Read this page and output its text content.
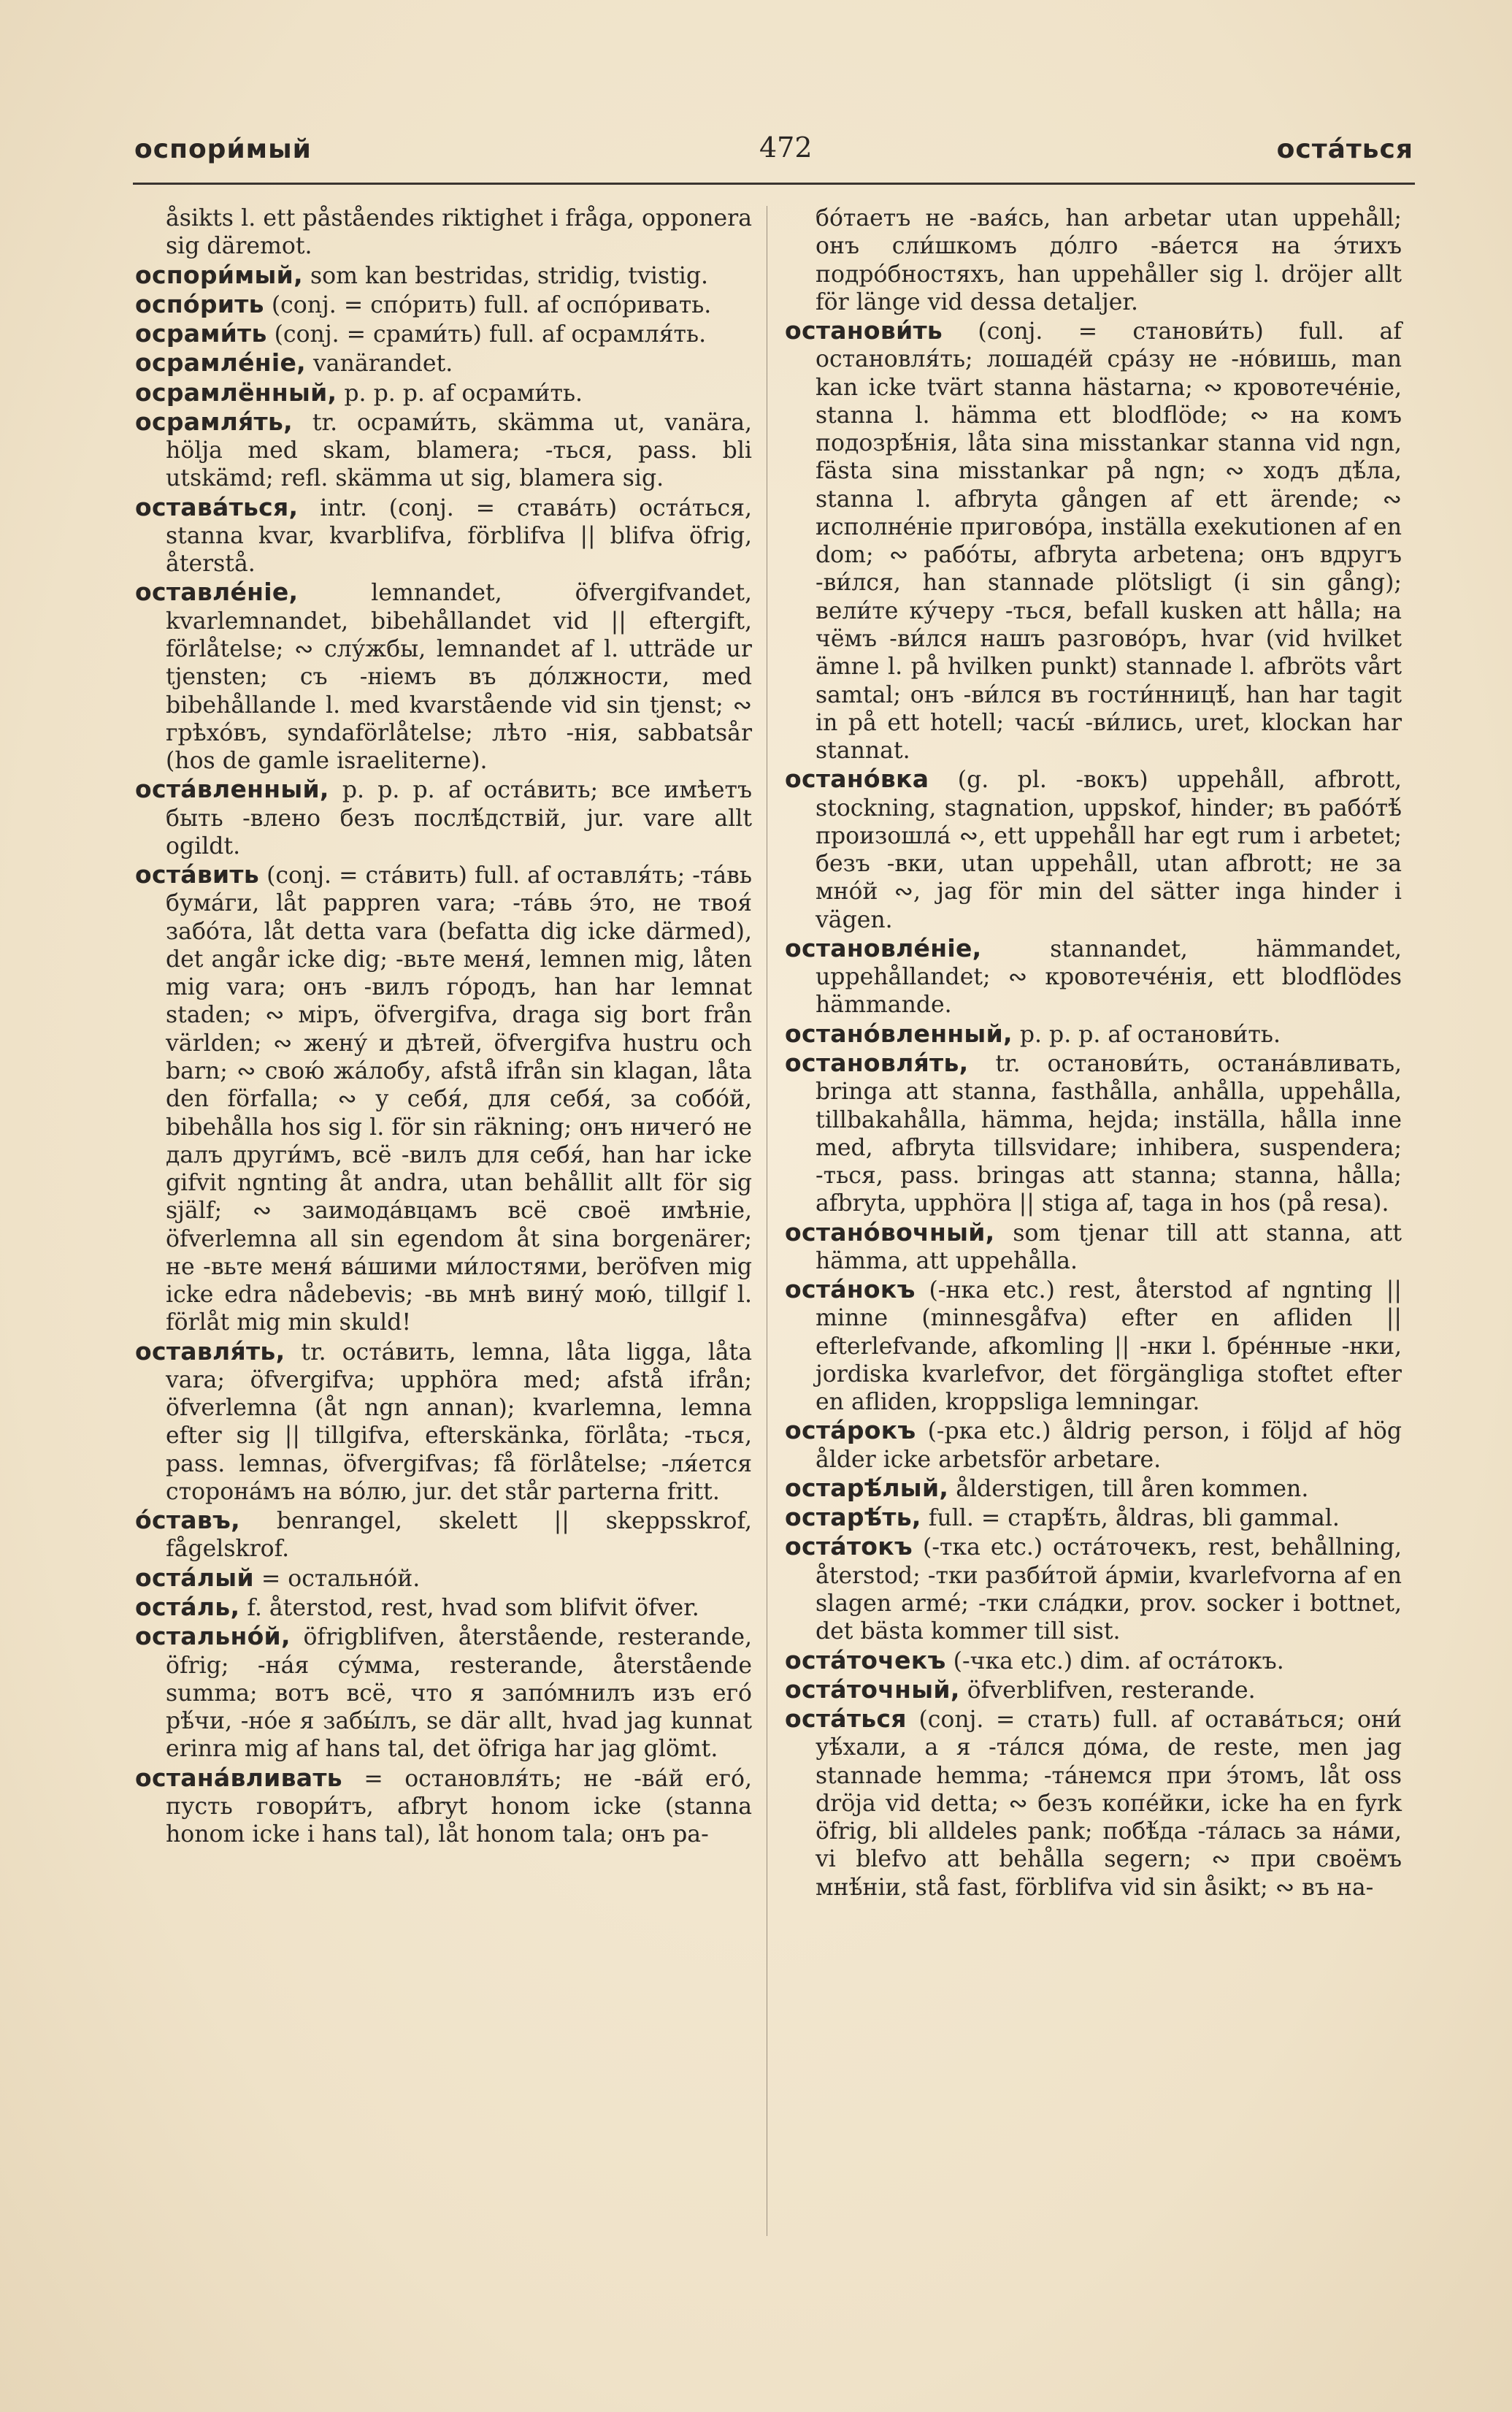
оспори́мый	472	оста́ться
åsikts l. ett påståendes riktighet i fråga, opponera sig däremot.
оспори́мый, som kan bestridas, stridig, tvistig.
оспо́рить (conj. = спо́рить) full. af оспо́ривать.
осрами́ть (conj. = срами́ть) full. af осрамля́ть.
осрамле́ніе, vanärandet.
осрамлённый, p. p. p. af осрами́ть.
осрамля́ть, tr. осрами́ть, skämma ut, vanära, hölja med skam, blamera; -ться, pass. bli utskämd; refl. skämma ut sig, blamera sig.
остава́ться, intr. (conj. = става́ть) оста́ться, stanna kvar, kvarblifva, förblifva || blifva öfrig, återstå.
оставле́ніе, lemnandet, öfvergifvandet, kvarlemnandet, bibehållandet vid || eftergift, förlåtelse; ∾ слу́жбы, lemnandet af l. utträde ur tjensten; съ -ніемъ въ до́лжности, med bibehållande l. med kvarstående vid sin tjenst; ∾ грѣхо́въ, syndaförlåtelse; лѣто -нія, sabbatsår (hos de gamle israeliterne).
оста́вленный, p. p. p. af оста́вить; все имѣетъ быть -влено безъ послѣ́дствій, jur. vare allt ogildt.
оста́вить (conj. = ста́вить) full. af оставля́ть; -та́вь бума́ги, låt pappren vara; -та́вь э́то, не твоя́ забо́та, låt detta vara (befatta dig icke därmed), det angår icke dig; -вьте меня́, lemnen mig, låten mig vara; онъ -вилъ го́родъ, han har lemnat staden; ∾ міръ, öfvergifva, draga sig bort från världen; ∾ жену́ и дѣтей, öfvergifva hustru och barn; ∾ свою́ жа́лобу, afstå ifrån sin klagan, låta den förfalla; ∾ у себя́, для себя́, за собо́й, bibehålla hos sig l. för sin räkning; онъ ничего́ не далъ други́мъ, всё -вилъ для себя́, han har icke gifvit ngnting åt andra, utan behållit allt för sig själf; ∾ заимода́вцамъ всё своё имѣніе, öfverlemna all sin egendom åt sina borgenärer; не -вьте меня́ ва́шими ми́лостями, beröfven mig icke edra nådebevis; -вь мнѣ вину́ мою́, tillgif l. förlåt mig min skuld!
оставля́ть, tr. оста́вить, lemna, låta ligga, låta vara; öfvergifva; upphöra med; afstå ifrån; öfverlemna (åt ngn annan); kvarlemna, lemna efter sig || tillgifva, efterskänka, förlåta; -ться, pass. lemnas, öfvergifvas; få förlåtelse; -ля́ется сторона́мъ на во́лю, jur. det står parterna fritt.
о́ставъ, benrangel, skelett || skeppsskrof, fågelskrof.
оста́лый = остально́й.
оста́ль, f. återstod, rest, hvad som blifvit öfver.
остально́й, öfrigblifven, återstående, resterande, öfrig; -на́я су́мма, resterande, återstående summa; вотъ всё, что я запо́мнилъ изъ его́ рѣ́чи, -но́е я забы́лъ, se där allt, hvad jag kunnat erinra mig af hans tal, det öfriga har jag glömt.
останáвливать = остановля́ть; не -ва́й его́, пусть говори́тъ, afbryt honom icke (stanna honom icke i hans tal), låt honom tala; онъ ра-
бо́таетъ не -вая́сь, han arbetar utan uppehåll; онъ сли́шкомъ до́лго -ва́ется на э́тихъ подро́бностяхъ, han uppehåller sig l. dröjer allt för länge vid dessa detaljer.
останови́ть (conj. = станови́ть) full. af остановля́ть; лошаде́й сра́зу не -но́вишь, man kan icke tvärt stanna hästarna; ∾ кровотече́ніе, stanna l. hämma ett blodflöde; ∾ на комъ подозрѣ́нія, låta sina misstankar stanna vid ngn, fästa sina misstankar på ngn; ∾ ходъ дѣ́ла, stanna l. afbryta gången af ett ärende; ∾ исполне́ніе пригово́ра, inställa exekutionen af en dom; ∾ рабо́ты, afbryta arbetena; онъ вдругъ -ви́лся, han stannade plötsligt (i sin gång); вели́те ку́черу -ться, befall kusken att hålla; на чёмъ -ви́лся нашъ разгово́ръ, hvar (vid hvilket ämne l. på hvilken punkt) stannade l. afbröts vårt samtal; онъ -ви́лся въ гости́нницѣ́, han har tagit in på ett hotell; часы́ -ви́лись, uret, klockan har stannat.
остано́вка (g. pl. -вокъ) uppehåll, afbrott, stockning, stagnation, uppskof, hinder; въ рабо́тѣ́ произошла́ ∾, ett uppehåll har egt rum i arbetet; безъ -вки, utan uppehåll, utan afbrott; не за мно́й ∾, jag för min del sätter inga hinder i vägen.
остановле́ніе, stannandet, hämmandet, uppehållandet; ∾ кровотече́нія, ett blodflödes hämmande.
остано́вленный, p. p. p. af останови́ть.
остановля́ть, tr. останови́ть, остана́вливать, bringa att stanna, fasthålla, anhålla, uppehålla, tillbakahålla, hämma, hejda; inställa, hålla inne med, afbryta tillsvidare; inhibera, suspendera; -ться, pass. bringas att stanna; stanna, hålla; afbryta, upphöra || stiga af, taga in hos (på resa).
остано́вочный, som tjenar till att stanna, att hämma, att uppehålla.
оста́нокъ (-нка etc.) rest, återstod af ngnting || minne (minnesgåfva) efter en afliden || efterlefvande, afkomling || -нки l. бре́нные -нки, jordiska kvarlefvor, det förgängliga stoftet efter en afliden, kroppsliga lemningar.
оста́рокъ (-рка etc.) åldrig person, i följd af hög ålder icke arbetsför arbetare.
остарѣ́лый, ålderstigen, till åren kommen.
остарѣ́ть, full. = старѣ́ть, åldras, bli gammal.
оста́токъ (-тка etc.) оста́точекъ, rest, behållning, återstod; -тки разби́той а́рміи, kvarlefvorna af en slagen armé; -тки сла́дки, prov. socker i bottnet, det bästa kommer till sist.
оста́точекъ (-чка etc.) dim. af оста́токъ.
оста́точный, öfverblifven, resterande.
оста́ться (conj. = стать) full. af остава́ться; они́ уѣ́хали, а я -та́лся до́ма, de reste, men jag stannade hemma; -та́немся при э́томъ, låt oss dröja vid detta; ∾ безъ копе́йки, icke ha en fyrk öfrig, bli alldeles pank; побѣ́да -та́лась за на́ми, vi blefvo att behålla segern; ∾ при своёмъ мнѣ́ніи, stå fast, förblifva vid sin åsikt; ∾ въ на-
